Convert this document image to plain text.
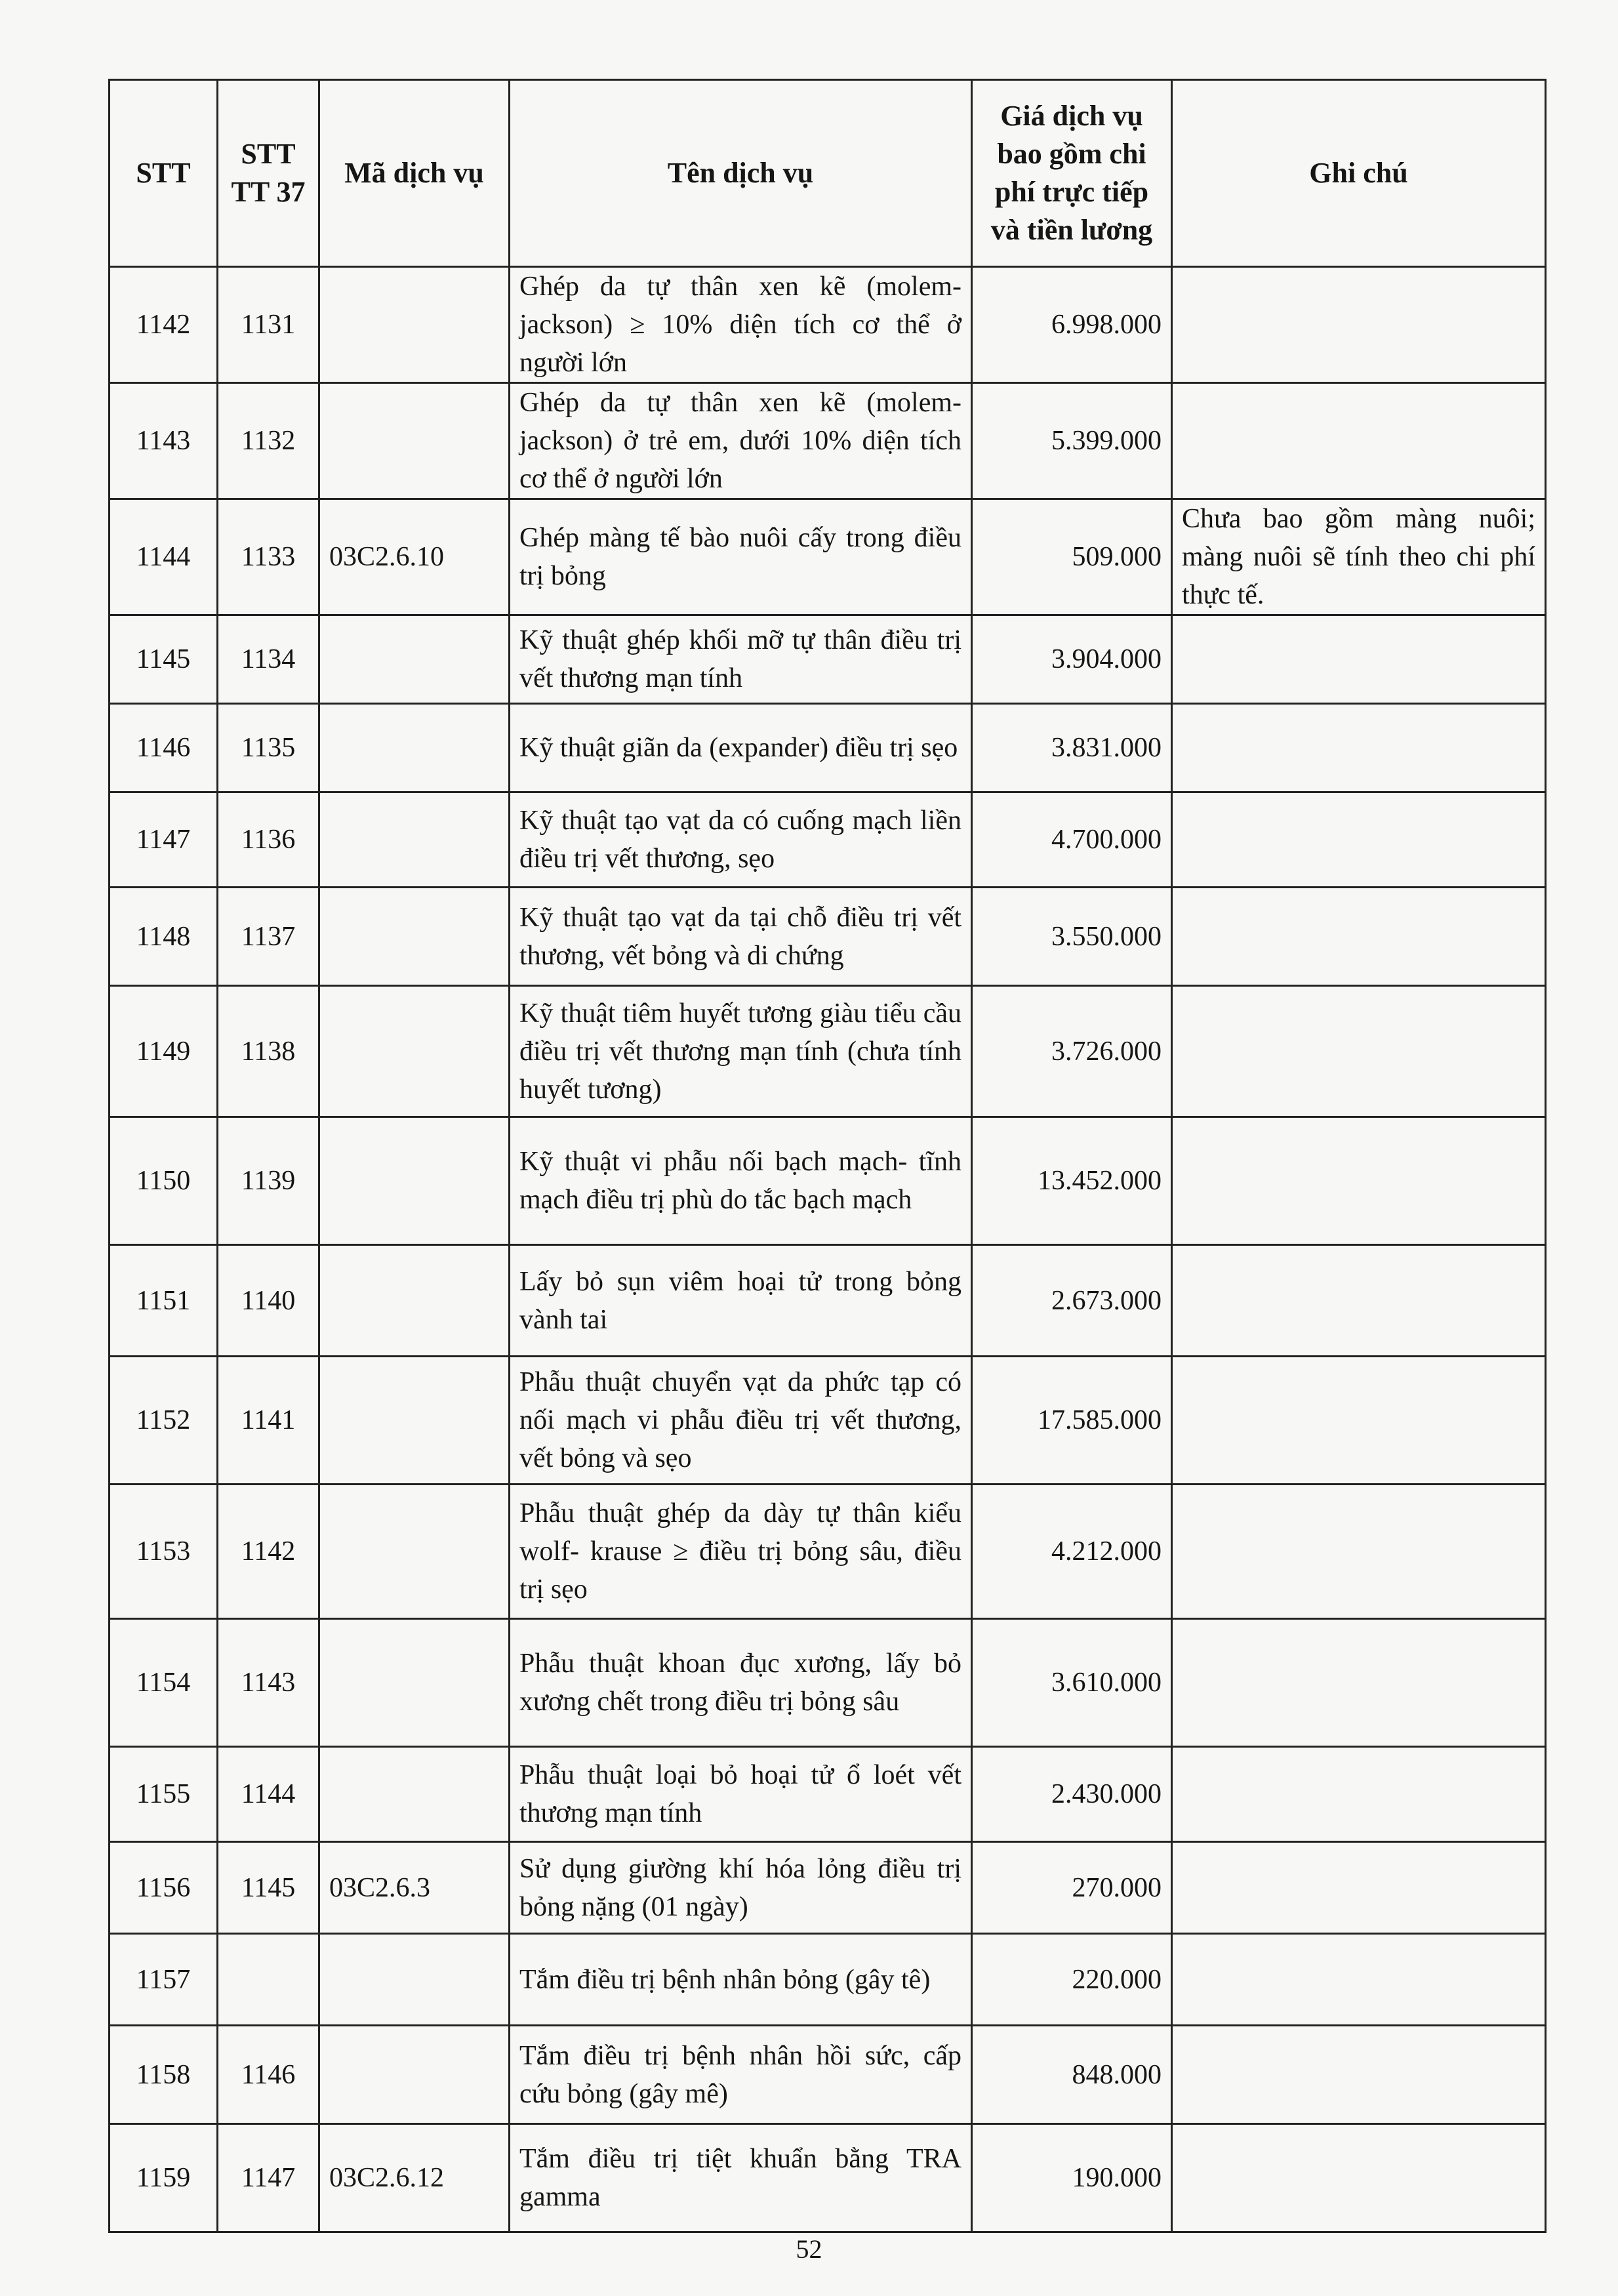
STT	STT TT 37	Mã dịch vụ	Tên dịch vụ	Giá dịch vụ bao gồm chi phí trực tiếp và tiền lương	Ghi chú
1142	1131		Ghép da tự thân xen kẽ (molem-jackson) ≥ 10% diện tích cơ thể ở người lớn	6.998.000	
1143	1132		Ghép da tự thân xen kẽ (molem-jackson) ở trẻ em, dưới 10% diện tích cơ thể ở người lớn	5.399.000	
1144	1133	03C2.6.10	Ghép màng tế bào nuôi cấy trong điều trị bỏng	509.000	Chưa bao gồm màng nuôi; màng nuôi sẽ tính theo chi phí thực tế.
1145	1134		Kỹ thuật ghép khối mỡ tự thân điều trị vết thương mạn tính	3.904.000	
1146	1135		Kỹ thuật giãn da (expander) điều trị sẹo	3.831.000	
1147	1136		Kỹ thuật tạo vạt da có cuống mạch liền điều trị vết thương, sẹo	4.700.000	
1148	1137		Kỹ thuật tạo vạt da tại chỗ điều trị vết thương, vết bỏng và di chứng	3.550.000	
1149	1138		Kỹ thuật tiêm huyết tương giàu tiểu cầu điều trị vết thương mạn tính (chưa tính huyết tương)	3.726.000	
1150	1139		Kỹ thuật vi phẫu nối bạch mạch- tĩnh mạch điều trị phù do tắc bạch mạch	13.452.000	
1151	1140		Lấy bỏ sụn viêm hoại tử trong bỏng vành tai	2.673.000	
1152	1141		Phẫu thuật chuyển vạt da phức tạp có nối mạch vi phẫu điều trị vết thương, vết bỏng và sẹo	17.585.000	
1153	1142		Phẫu thuật ghép da dày tự thân kiểu wolf- krause ≥ điều trị bỏng sâu, điều trị sẹo	4.212.000	
1154	1143		Phẫu thuật khoan đục xương, lấy bỏ xương chết trong điều trị bỏng sâu	3.610.000	
1155	1144		Phẫu thuật loại bỏ hoại tử ổ loét vết thương mạn tính	2.430.000	
1156	1145	03C2.6.3	Sử dụng giường khí hóa lỏng điều trị bỏng nặng (01 ngày)	270.000	
1157			Tắm điều trị bệnh nhân bỏng (gây tê)	220.000	
1158	1146		Tắm điều trị bệnh nhân hồi sức, cấp cứu bỏng (gây mê)	848.000	
1159	1147	03C2.6.12	Tắm điều trị tiệt khuẩn bằng TRA gamma	190.000	
52
